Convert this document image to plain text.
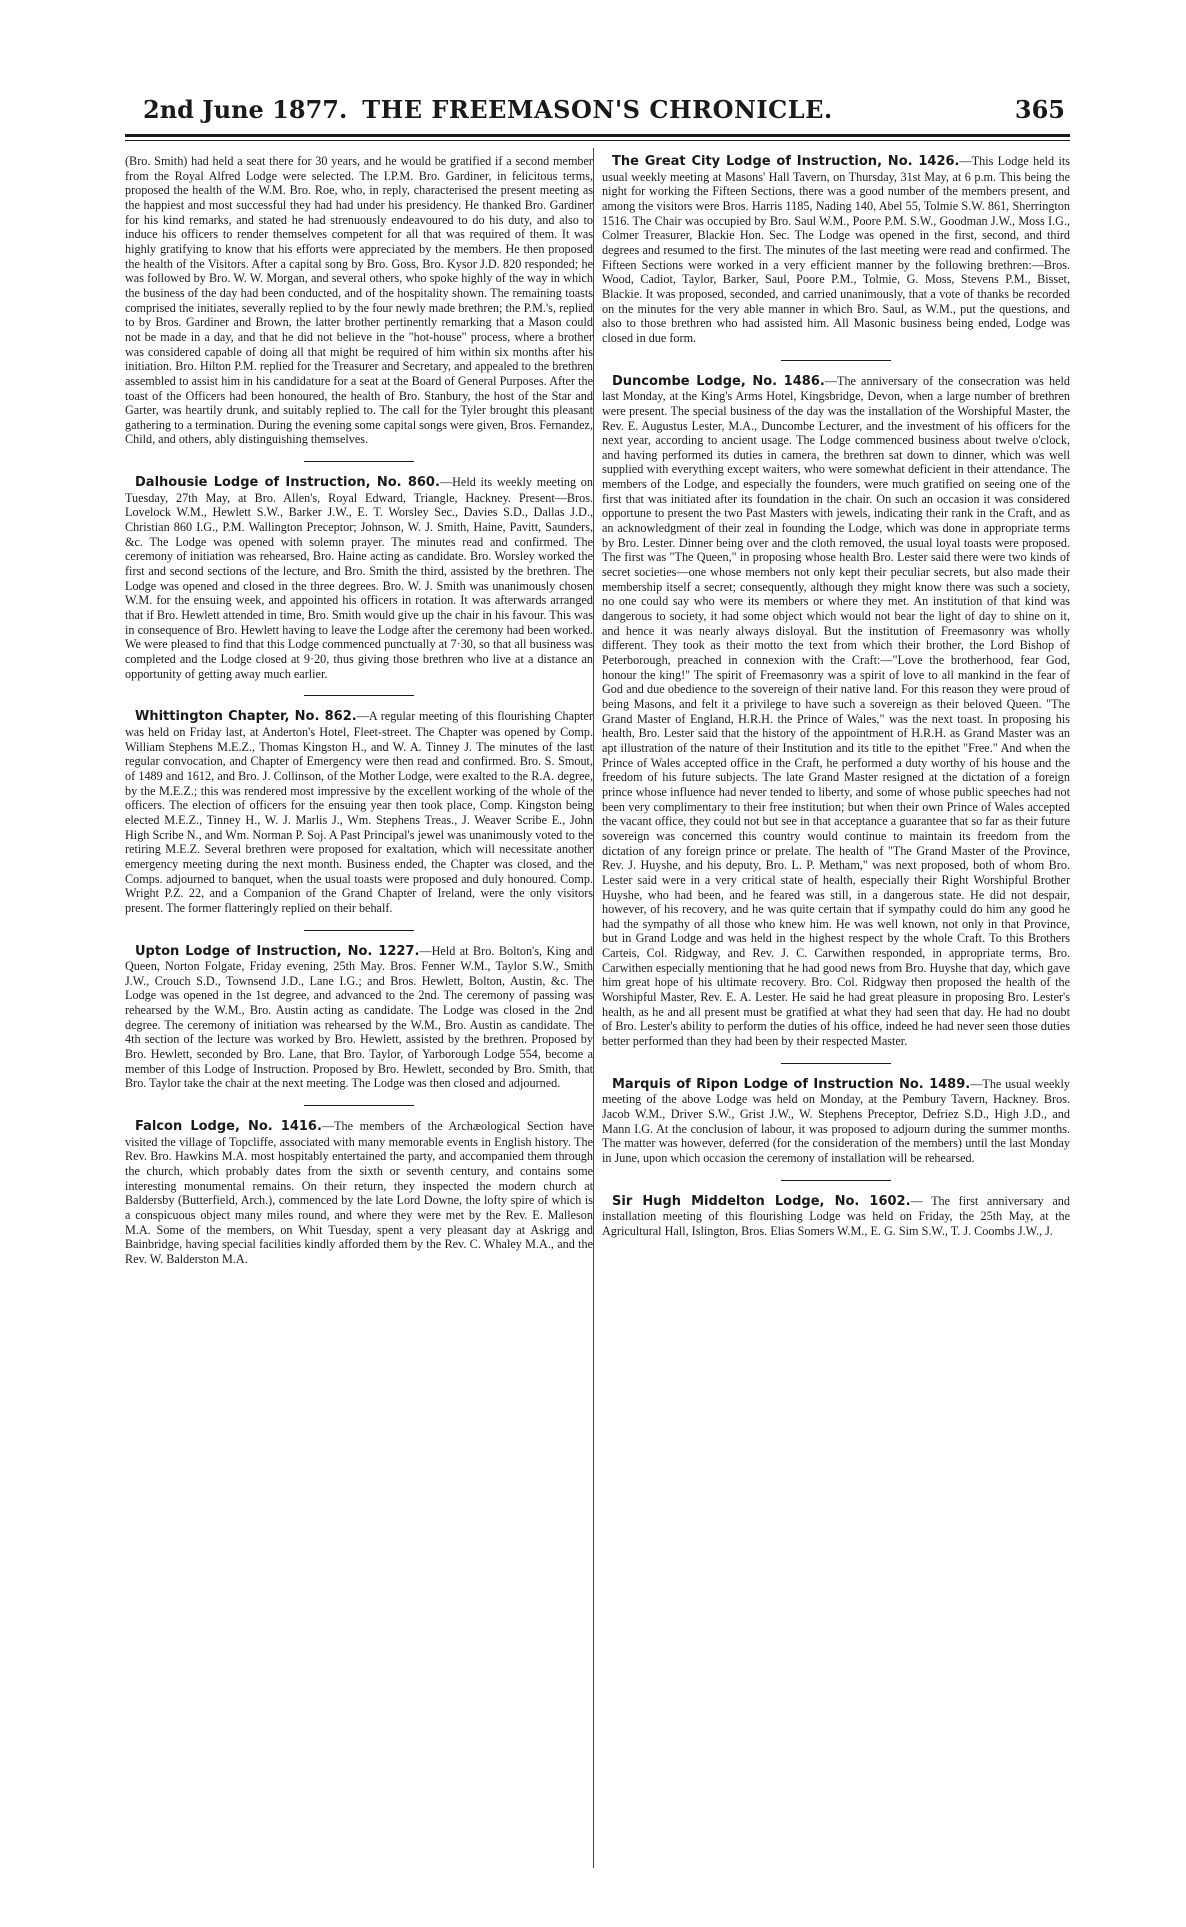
2nd June 1877. THE FREEMASON'S CHRONICLE.	365

(Bro. Smith) had held a seat there for 30 years, and he would be gratified if a second member from the Royal Alfred Lodge were selected. The I.P.M. Bro. Gardiner, in felicitous terms, proposed the health of the W.M. Bro. Roe, who, in reply, characterised the present meeting as the happiest and most successful they had had under his presidency. He thanked Bro. Gardiner for his kind remarks, and stated he had strenuously endeavoured to do his duty, and also to induce his officers to render themselves competent for all that was required of them. It was highly gratifying to know that his efforts were appreciated by the members. He then proposed the health of the Visitors. After a capital song by Bro. Goss, Bro. Kysor J.D. 820 responded; he was followed by Bro. W. W. Morgan, and several others, who spoke highly of the way in which the business of the day had been conducted, and of the hospitality shown. The remaining toasts comprised the initiates, severally replied to by the four newly made brethren; the P.M.'s, replied to by Bros. Gardiner and Brown, the latter brother pertinently remarking that a Mason could not be made in a day, and that he did not believe in the "hot-house" process, where a brother was considered capable of doing all that might be required of him within six months after his initiation. Bro. Hilton P.M. replied for the Treasurer and Secretary, and appealed to the brethren assembled to assist him in his candidature for a seat at the Board of General Purposes. After the toast of the Officers had been honoured, the health of Bro. Stanbury, the host of the Star and Garter, was heartily drunk, and suitably replied to. The call for the Tyler brought this pleasant gathering to a termination. During the evening some capital songs were given, Bros. Fernandez, Child, and others, ably distinguishing themselves.

Dalhousie Lodge of Instruction, No. 860.—Held its weekly meeting on Tuesday, 27th May, at Bro. Allen's, Royal Edward, Triangle, Hackney. Present—Bros. Lovelock W.M., Hewlett S.W., Barker J.W., E. T. Worsley Sec., Davies S.D., Dallas J.D., Christian 860 I.G., P.M. Wallington Preceptor; Johnson, W. J. Smith, Haine, Pavitt, Saunders, &c. The Lodge was opened with solemn prayer. The minutes read and confirmed. The ceremony of initiation was rehearsed, Bro. Haine acting as candidate. Bro. Worsley worked the first and second sections of the lecture, and Bro. Smith the third, assisted by the brethren. The Lodge was opened and closed in the three degrees. Bro. W. J. Smith was unanimously chosen W.M. for the ensuing week, and appointed his officers in rotation. It was afterwards arranged that if Bro. Hewlett attended in time, Bro. Smith would give up the chair in his favour. This was in consequence of Bro. Hewlett having to leave the Lodge after the ceremony had been worked. We were pleased to find that this Lodge commenced punctually at 7·30, so that all business was completed and the Lodge closed at 9·20, thus giving those brethren who live at a distance an opportunity of getting away much earlier.

Whittington Chapter, No. 862.—A regular meeting of this flourishing Chapter was held on Friday last, at Anderton's Hotel, Fleet-street. The Chapter was opened by Comp. William Stephens M.E.Z., Thomas Kingston H., and W. A. Tinney J. The minutes of the last regular convocation, and Chapter of Emergency were then read and confirmed. Bro. S. Smout, of 1489 and 1612, and Bro. J. Collinson, of the Mother Lodge, were exalted to the R.A. degree, by the M.E.Z.; this was rendered most impressive by the excellent working of the whole of the officers. The election of officers for the ensuing year then took place, Comp. Kingston being elected M.E.Z., Tinney H., W. J. Marlis J., Wm. Stephens Treas., J. Weaver Scribe E., John High Scribe N., and Wm. Norman P. Soj. A Past Principal's jewel was unanimously voted to the retiring M.E.Z. Several brethren were proposed for exaltation, which will necessitate another emergency meeting during the next month. Business ended, the Chapter was closed, and the Comps. adjourned to banquet, when the usual toasts were proposed and duly honoured. Comp. Wright P.Z. 22, and a Companion of the Grand Chapter of Ireland, were the only visitors present. The former flatteringly replied on their behalf.

Upton Lodge of Instruction, No. 1227.—Held at Bro. Bolton's, King and Queen, Norton Folgate, Friday evening, 25th May. Bros. Fenner W.M., Taylor S.W., Smith J.W., Crouch S.D., Townsend J.D., Lane I.G.; and Bros. Hewlett, Bolton, Austin, &c. The Lodge was opened in the 1st degree, and advanced to the 2nd. The ceremony of passing was rehearsed by the W.M., Bro. Austin acting as candidate. The Lodge was closed in the 2nd degree. The ceremony of initiation was rehearsed by the W.M., Bro. Austin as candidate. The 4th section of the lecture was worked by Bro. Hewlett, assisted by the brethren. Proposed by Bro. Hewlett, seconded by Bro. Lane, that Bro. Taylor, of Yarborough Lodge 554, become a member of this Lodge of Instruction. Proposed by Bro. Hewlett, seconded by Bro. Smith, that Bro. Taylor take the chair at the next meeting. The Lodge was then closed and adjourned.

Falcon Lodge, No. 1416.—The members of the Archæological Section have visited the village of Topcliffe, associated with many memorable events in English history. The Rev. Bro. Hawkins M.A. most hospitably entertained the party, and accompanied them through the church, which probably dates from the sixth or seventh century, and contains some interesting monumental remains. On their return, they inspected the modern church at Baldersby (Butterfield, Arch.), commenced by the late Lord Downe, the lofty spire of which is a conspicuous object many miles round, and where they were met by the Rev. E. Malleson M.A. Some of the members, on Whit Tuesday, spent a very pleasant day at Askrigg and Bainbridge, having special facilities kindly afforded them by the Rev. C. Whaley M.A., and the Rev. W. Balderston M.A.

The Great City Lodge of Instruction, No. 1426.—This Lodge held its usual weekly meeting at Masons' Hall Tavern, on Thursday, 31st May, at 6 p.m. This being the night for working the Fifteen Sections, there was a good number of the members present, and among the visitors were Bros. Harris 1185, Nading 140, Abel 55, Tolmie S.W. 861, Sherrington 1516. The Chair was occupied by Bro. Saul W.M., Poore P.M. S.W., Goodman J.W., Moss I.G., Colmer Treasurer, Blackie Hon. Sec. The Lodge was opened in the first, second, and third degrees and resumed to the first. The minutes of the last meeting were read and confirmed. The Fifteen Sections were worked in a very efficient manner by the following brethren:—Bros. Wood, Cadiot, Taylor, Barker, Saul, Poore P.M., Tolmie, G. Moss, Stevens P.M., Bisset, Blackie. It was proposed, seconded, and carried unanimously, that a vote of thanks be recorded on the minutes for the very able manner in which Bro. Saul, as W.M., put the questions, and also to those brethren who had assisted him. All Masonic business being ended, Lodge was closed in due form.

Duncombe Lodge, No. 1486.—The anniversary of the consecration was held last Monday, at the King's Arms Hotel, Kingsbridge, Devon, when a large number of brethren were present. The special business of the day was the installation of the Worshipful Master, the Rev. E. Augustus Lester, M.A., Duncombe Lecturer, and the investment of his officers for the next year, according to ancient usage. The Lodge commenced business about twelve o'clock, and having performed its duties in camera, the brethren sat down to dinner, which was well supplied with everything except waiters, who were somewhat deficient in their attendance. The members of the Lodge, and especially the founders, were much gratified on seeing one of the first that was initiated after its foundation in the chair. On such an occasion it was considered opportune to present the two Past Masters with jewels, indicating their rank in the Craft, and as an acknowledgment of their zeal in founding the Lodge, which was done in appropriate terms by Bro. Lester. Dinner being over and the cloth removed, the usual loyal toasts were proposed. The first was "The Queen," in proposing whose health Bro. Lester said there were two kinds of secret societies—one whose members not only kept their peculiar secrets, but also made their membership itself a secret; consequently, although they might know there was such a society, no one could say who were its members or where they met. An institution of that kind was dangerous to society, it had some object which would not bear the light of day to shine on it, and hence it was nearly always disloyal. But the institution of Freemasonry was wholly different. They took as their motto the text from which their brother, the Lord Bishop of Peterborough, preached in connexion with the Craft:—"Love the brotherhood, fear God, honour the king!" The spirit of Freemasonry was a spirit of love to all mankind in the fear of God and due obedience to the sovereign of their native land. For this reason they were proud of being Masons, and felt it a privilege to have such a sovereign as their beloved Queen. "The Grand Master of England, H.R.H. the Prince of Wales," was the next toast. In proposing his health, Bro. Lester said that the history of the appointment of H.R.H. as Grand Master was an apt illustration of the nature of their Institution and its title to the epithet "Free." And when the Prince of Wales accepted office in the Craft, he performed a duty worthy of his house and the freedom of his future subjects. The late Grand Master resigned at the dictation of a foreign prince whose influence had never tended to liberty, and some of whose public speeches had not been very complimentary to their free institution; but when their own Prince of Wales accepted the vacant office, they could not but see in that acceptance a guarantee that so far as their future sovereign was concerned this country would continue to maintain its freedom from the dictation of any foreign prince or prelate. The health of "The Grand Master of the Province, Rev. J. Huyshe, and his deputy, Bro. L. P. Metham," was next proposed, both of whom Bro. Lester said were in a very critical state of health, especially their Right Worshipful Brother Huyshe, who had been, and he feared was still, in a dangerous state. He did not despair, however, of his recovery, and he was quite certain that if sympathy could do him any good he had the sympathy of all those who knew him. He was well known, not only in that Province, but in Grand Lodge and was held in the highest respect by the whole Craft. To this Brothers Carteis, Col. Ridgway, and Rev. J. C. Carwithen responded, in appropriate terms, Bro. Carwithen especially mentioning that he had good news from Bro. Huyshe that day, which gave him great hope of his ultimate recovery. Bro. Col. Ridgway then proposed the health of the Worshipful Master, Rev. E. A. Lester. He said he had great pleasure in proposing Bro. Lester's health, as he and all present must be gratified at what they had seen that day. He had no doubt of Bro. Lester's ability to perform the duties of his office, indeed he had never seen those duties better performed than they had been by their respected Master.

Marquis of Ripon Lodge of Instruction No. 1489.—The usual weekly meeting of the above Lodge was held on Monday, at the Pembury Tavern, Hackney. Bros. Jacob W.M., Driver S.W., Grist J.W., W. Stephens Preceptor, Defriez S.D., High J.D., and Mann I.G. At the conclusion of labour, it was proposed to adjourn during the summer months. The matter was however, deferred (for the consideration of the members) until the last Monday in June, upon which occasion the ceremony of installation will be rehearsed.

Sir Hugh Middelton Lodge, No. 1602.— The first anniversary and installation meeting of this flourishing Lodge was held on Friday, the 25th May, at the Agricultural Hall, Islington, Bros. Elias Somers W.M., E. G. Sim S.W., T. J. Coombs J.W., J.
